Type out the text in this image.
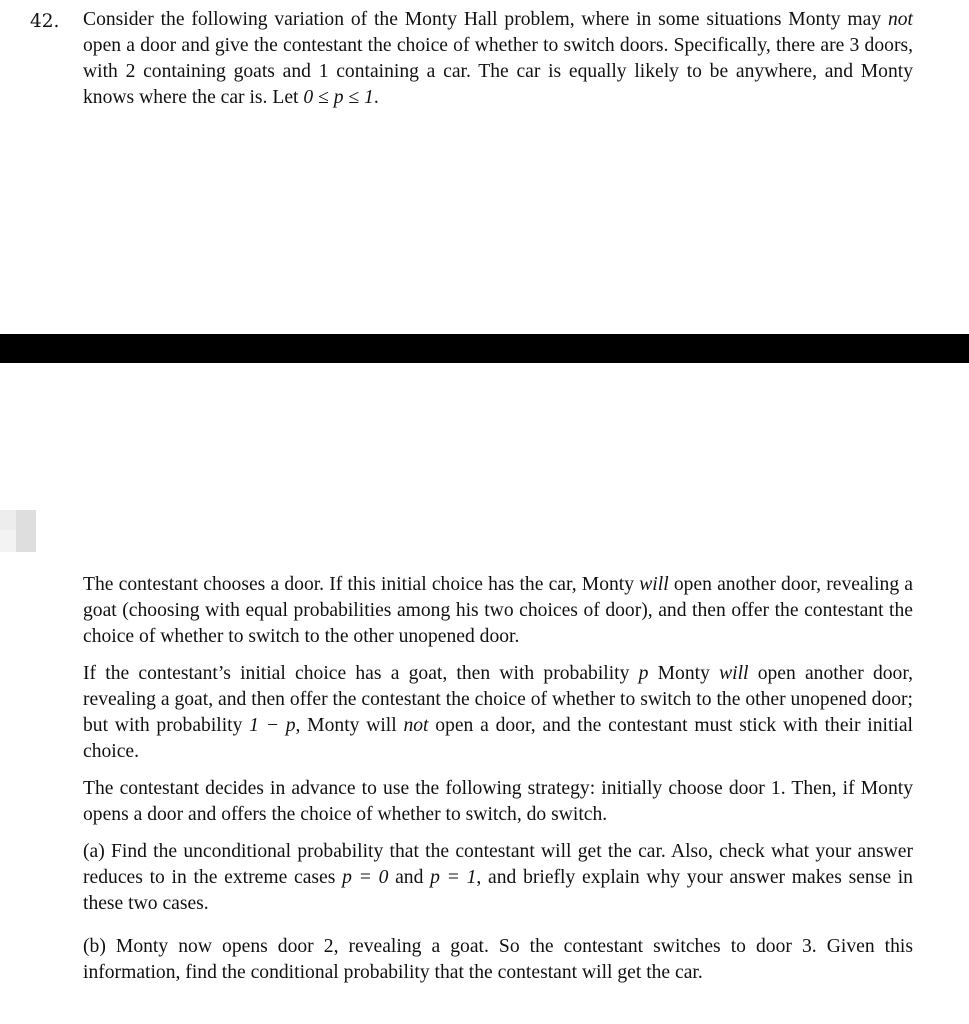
42. Consider the following variation of the Monty Hall problem, where in some situations Monty may not open a door and give the contestant the choice of whether to switch doors. Specifically, there are 3 doors, with 2 containing goats and 1 containing a car. The car is equally likely to be anywhere, and Monty knows where the car is. Let 0 ≤ p ≤ 1.

The contestant chooses a door. If this initial choice has the car, Monty will open another door, revealing a goat (choosing with equal probabilities among his two choices of door), and then offer the contestant the choice of whether to switch to the other unopened door.

If the contestant’s initial choice has a goat, then with probability p Monty will open another door, revealing a goat, and then offer the contestant the choice of whether to switch to the other unopened door; but with probability 1 − p, Monty will not open a door, and the contestant must stick with their initial choice.

The contestant decides in advance to use the following strategy: initially choose door 1. Then, if Monty opens a door and offers the choice of whether to switch, do switch.

(a) Find the unconditional probability that the contestant will get the car. Also, check what your answer reduces to in the extreme cases p = 0 and p = 1, and briefly explain why your answer makes sense in these two cases.

(b) Monty now opens door 2, revealing a goat. So the contestant switches to door 3. Given this information, find the conditional probability that the contestant will get the car.
